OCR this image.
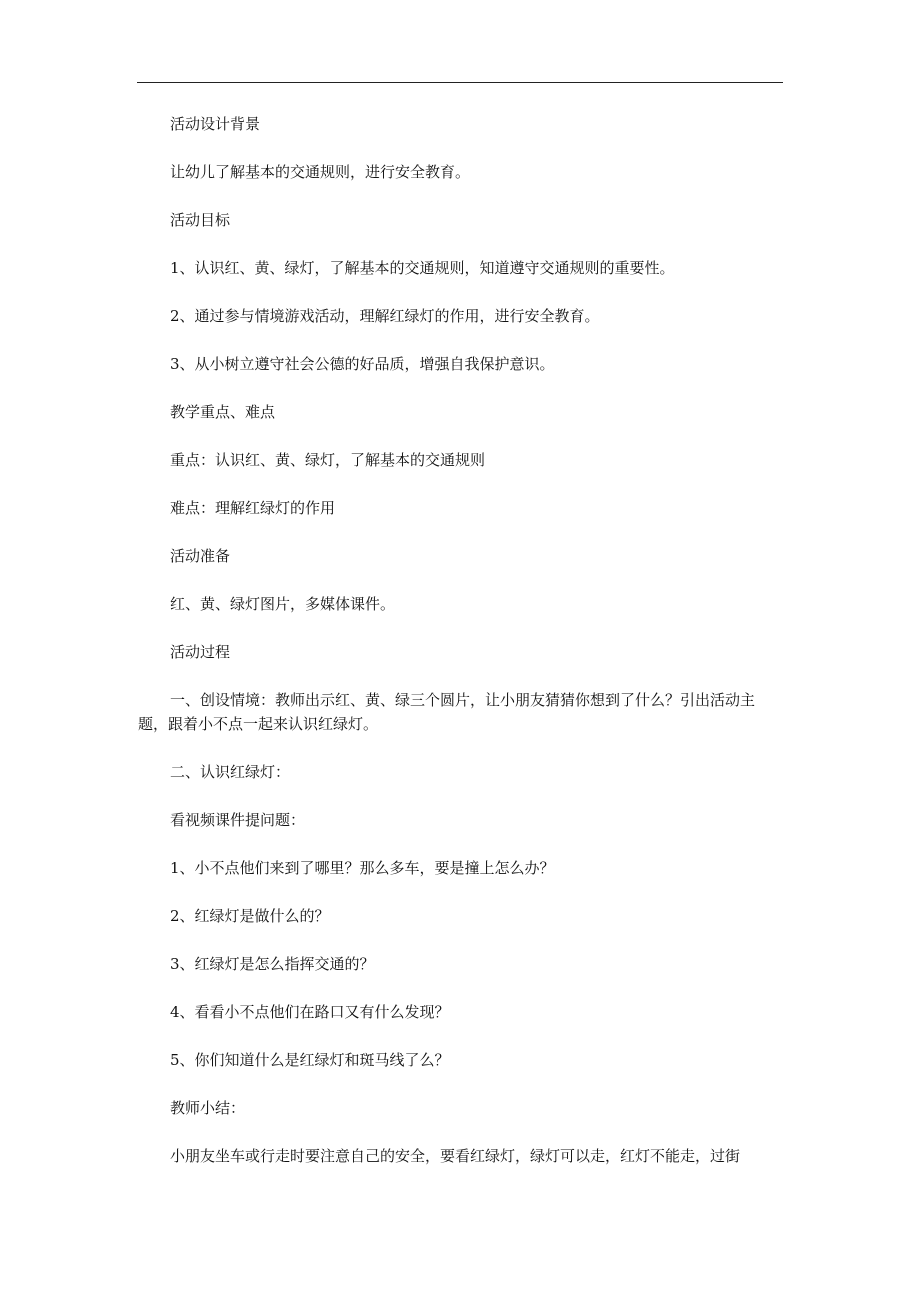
活动设计背景

让幼儿了解基本的交通规则，进行安全教育。

活动目标

1、认识红、黄、绿灯，了解基本的交通规则，知道遵守交通规则的重要性。

2、通过参与情境游戏活动，理解红绿灯的作用，进行安全教育。

3、从小树立遵守社会公德的好品质，增强自我保护意识。

教学重点、难点

重点：认识红、黄、绿灯，了解基本的交通规则

难点：理解红绿灯的作用

活动准备

红、黄、绿灯图片，多媒体课件。

活动过程

一、创设情境：教师出示红、黄、绿三个圆片，让小朋友猜猜你想到了什么？引出活动主题，跟着小不点一起来认识红绿灯。

二、认识红绿灯：

看视频课件提问题：

1、小不点他们来到了哪里？那么多车，要是撞上怎么办？

2、红绿灯是做什么的？

3、红绿灯是怎么指挥交通的？

4、看看小不点他们在路口又有什么发现？

5、你们知道什么是红绿灯和斑马线了么？

教师小结：

小朋友坐车或行走时要注意自己的安全，要看红绿灯，绿灯可以走，红灯不能走，过街
